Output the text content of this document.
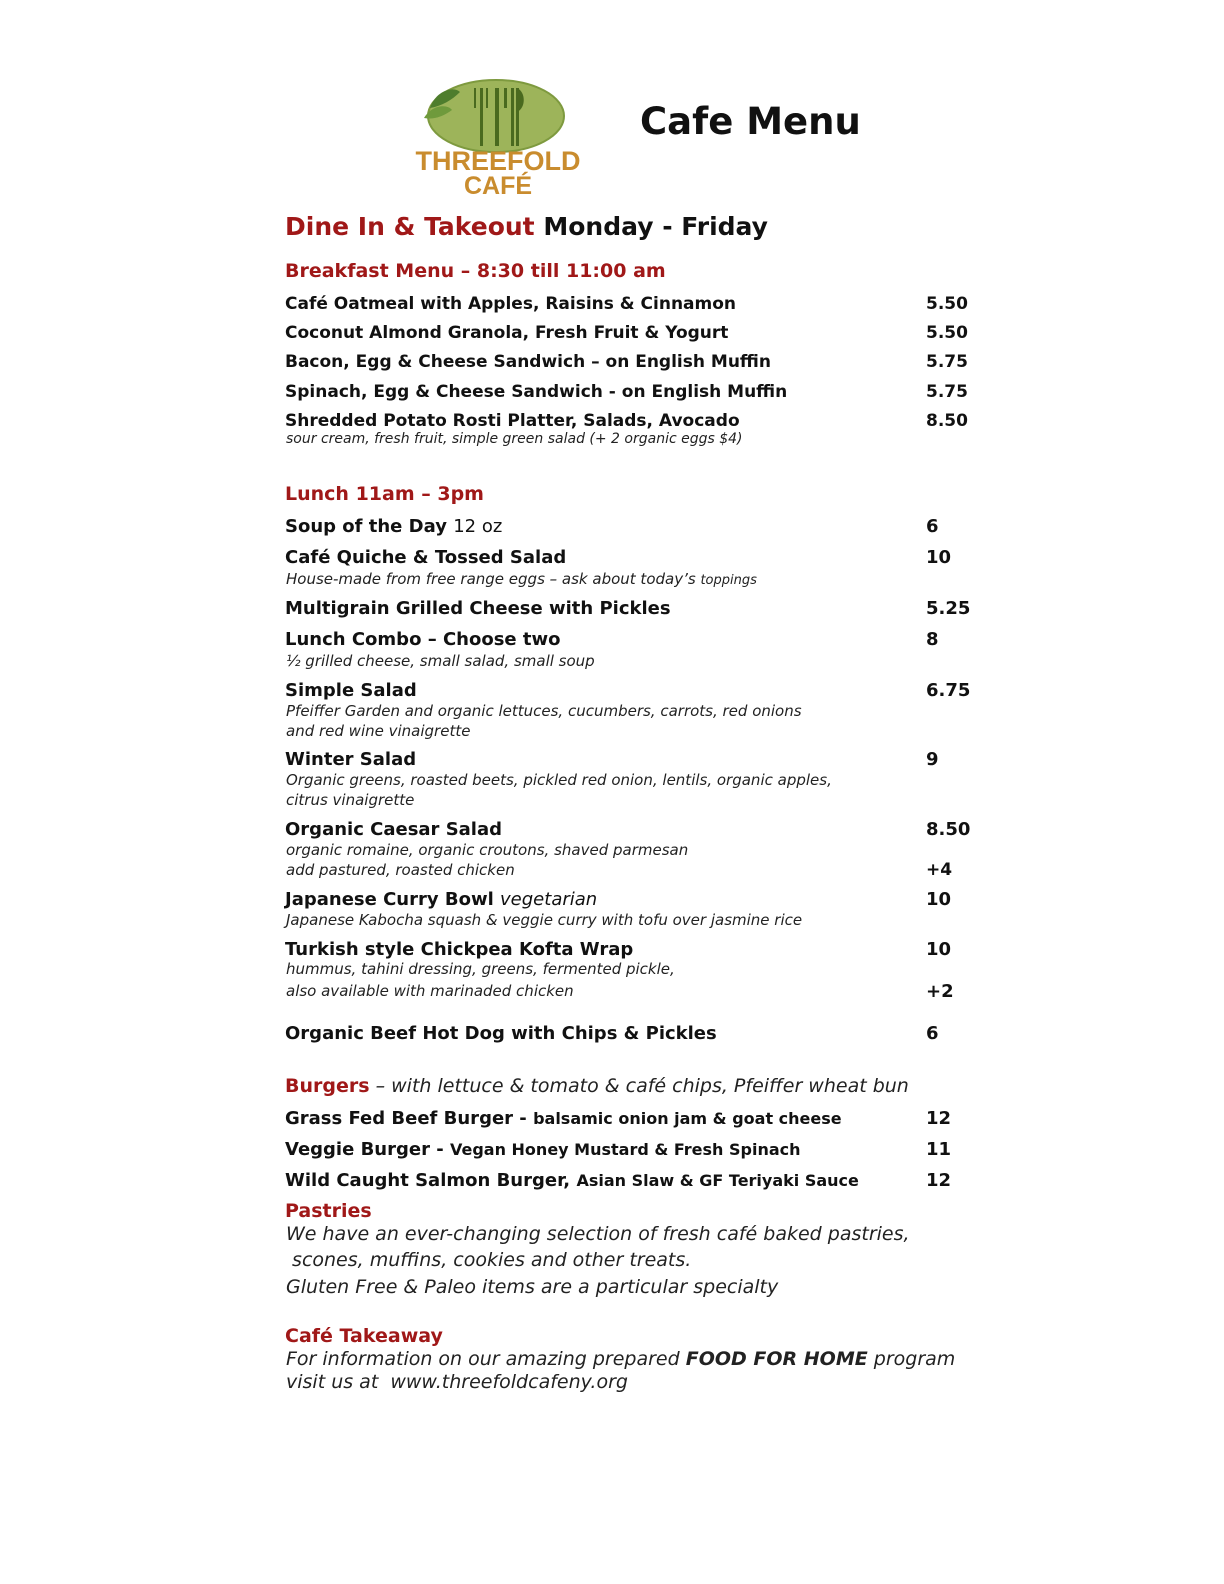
THREEFOLD
CAFÉ
Cafe Menu
Dine In & Takeout Monday - Friday
Breakfast Menu – 8:30 till 11:00 am
Café Oatmeal with Apples, Raisins & Cinnamon	5.50
Coconut Almond Granola, Fresh Fruit & Yogurt	5.50
Bacon, Egg & Cheese Sandwich – on English Muffin	5.75
Spinach, Egg & Cheese Sandwich - on English Muffin	5.75
Shredded Potato Rosti Platter, Salads, Avocado	8.50
sour cream, fresh fruit, simple green salad (+ 2 organic eggs $4)
Lunch 11am – 3pm
Soup of the Day 12 oz	6
Café Quiche & Tossed Salad	10
House-made from free range eggs – ask about today’s toppings
Multigrain Grilled Cheese with Pickles	5.25
Lunch Combo – Choose two	8
½ grilled cheese, small salad, small soup
Simple Salad	6.75
Pfeiffer Garden and organic lettuces, cucumbers, carrots, red onions
and red wine vinaigrette
Winter Salad	9
Organic greens, roasted beets, pickled red onion, lentils, organic apples,
citrus vinaigrette
Organic Caesar Salad	8.50
organic romaine, organic croutons, shaved parmesan
add pastured, roasted chicken	+4
Japanese Curry Bowl vegetarian	10
Japanese Kabocha squash & veggie curry with tofu over jasmine rice
Turkish style Chickpea Kofta Wrap	10
hummus, tahini dressing, greens, fermented pickle,
also available with marinaded chicken	+2
Organic Beef Hot Dog with Chips & Pickles	6
Burgers – with lettuce & tomato & café chips, Pfeiffer wheat bun
Grass Fed Beef Burger - balsamic onion jam & goat cheese	12
Veggie Burger - Vegan Honey Mustard & Fresh Spinach	11
Wild Caught Salmon Burger, Asian Slaw & GF Teriyaki Sauce	12
Pastries
We have an ever-changing selection of fresh café baked pastries,
scones, muffins, cookies and other treats.
Gluten Free & Paleo items are a particular specialty
Café Takeaway
For information on our amazing prepared FOOD FOR HOME program
visit us at  www.threefoldcafeny.org
